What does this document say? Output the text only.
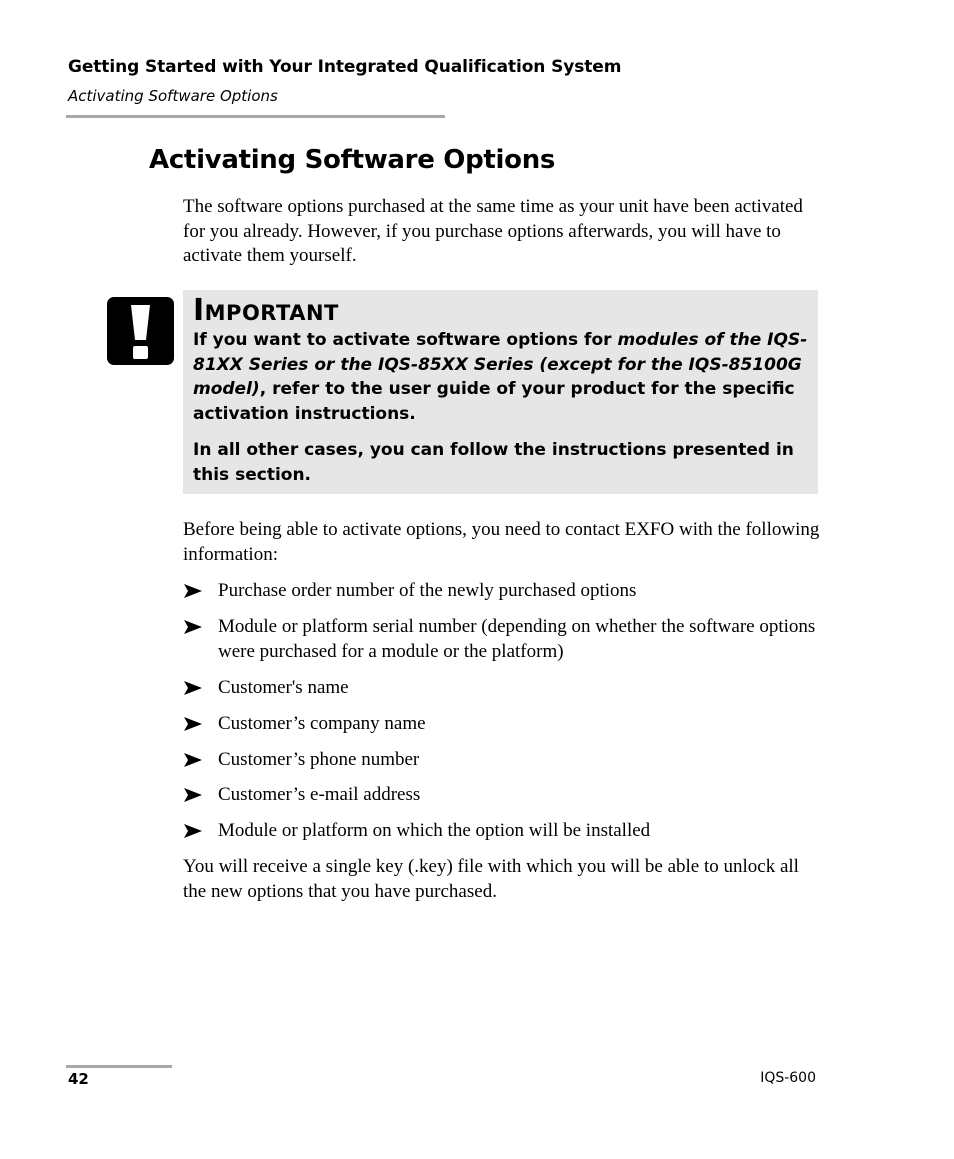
Getting Started with Your Integrated Qualification System
Activating Software Options
Activating Software Options

The software options purchased at the same time as your unit have been activated for you already. However, if you purchase options afterwards, you will have to activate them yourself.

Important
If you want to activate software options for modules of the IQS-81XX Series or the IQS-85XX Series (except for the IQS-85100G model), refer to the user guide of your product for the specific activation instructions.
In all other cases, you can follow the instructions presented in this section.

Before being able to activate options, you need to contact EXFO with the following information:

Purchase order number of the newly purchased options
Module or platform serial number (depending on whether the software options were purchased for a module or the platform)
Customer's name
Customer’s company name
Customer’s phone number
Customer’s e-mail address
Module or platform on which the option will be installed

You will receive a single key (.key) file with which you will be able to unlock all the new options that you have purchased.

42	IQS-600
